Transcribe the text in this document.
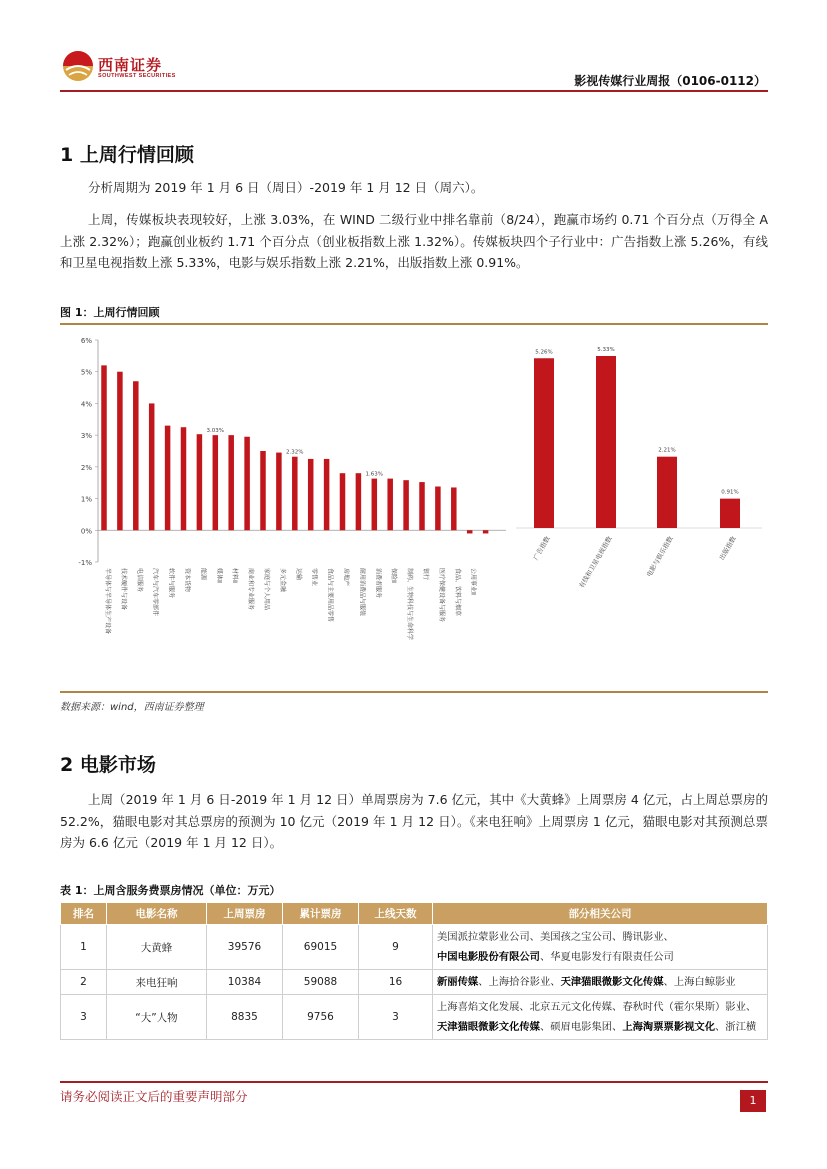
西南证券
SOUTHWEST SECURITIES	影视传媒行业周报（0106-0112）
1 上周行情回顾

分析周期为 2019 年 1 月 6 日（周日）-2019 年 1 月 12 日（周六）。

上周，传媒板块表现较好，上涨 3.03%，在 WIND 二级行业中排名靠前（8/24），跑赢市场约 0.71 个百分点（万得全 A 上涨 2.32%）；跑赢创业板约 1.71 个百分点（创业板指数上涨 1.32%）。传媒板块四个子行业中：广告指数上涨 5.26%，有线和卫星电视指数上涨 5.33%，电影与娱乐指数上涨 2.21%，出版指数上涨 0.91%。

图 1：上周行情回顾
-1%
0%
1%
2%
3%
4%
5%
6%
3.03%
2.32%
1.63%
半导体与半导体生产设备 技术硬件与设备 电信服务 汽车与汽车零部件 软件与服务 资本货物 能源 媒体Ⅱ 材料Ⅱ 商业和专业服务 家庭与个人用品 多元金融 运输 零售业 食品与主要用品零售 房地产 耐用消费品与服装 消费者服务 保险Ⅱ 制药、生物科技与生命科学 银行 医疗保健设备与服务 食品、饮料与烟草 公用事业Ⅱ
5.26%
广告指数
5.33%
有线和卫星电视指数
2.21%
电影与娱乐指数
0.91%
出版指数
数据来源：wind，西南证券整理
2 电影市场

上周（2019 年 1 月 6 日-2019 年 1 月 12 日）单周票房为 7.6 亿元，其中《大黄蜂》上周票房 4 亿元，占上周总票房的 52.2%，猫眼电影对其总票房的预测为 10 亿元（2019 年 1 月 12 日）。《来电狂响》上周票房 1 亿元，猫眼电影对其预测总票房为 6.6 亿元（2019 年 1 月 12 日）。

表 1：上周含服务费票房情况（单位：万元）
排名	电影名称	上周票房	累计票房	上线天数	部分相关公司
1	大黄蜂	39576	69015	9	美国派拉蒙影业公司、美国孩之宝公司、腾讯影业、中国电影股份有限公司、华夏电影发行有限责任公司
2	来电狂响	10384	59088	16	新丽传媒、上海拾谷影业、天津猫眼微影文化传媒、上海白鲸影业
3	“大”人物	8835	9756	3	上海喜焰文化发展、北京五元文化传媒、春秋时代（霍尔果斯）影业、天津猫眼微影文化传媒、硕眉电影集团、上海淘票票影视文化、浙江横
请务必阅读正文后的重要声明部分	1
